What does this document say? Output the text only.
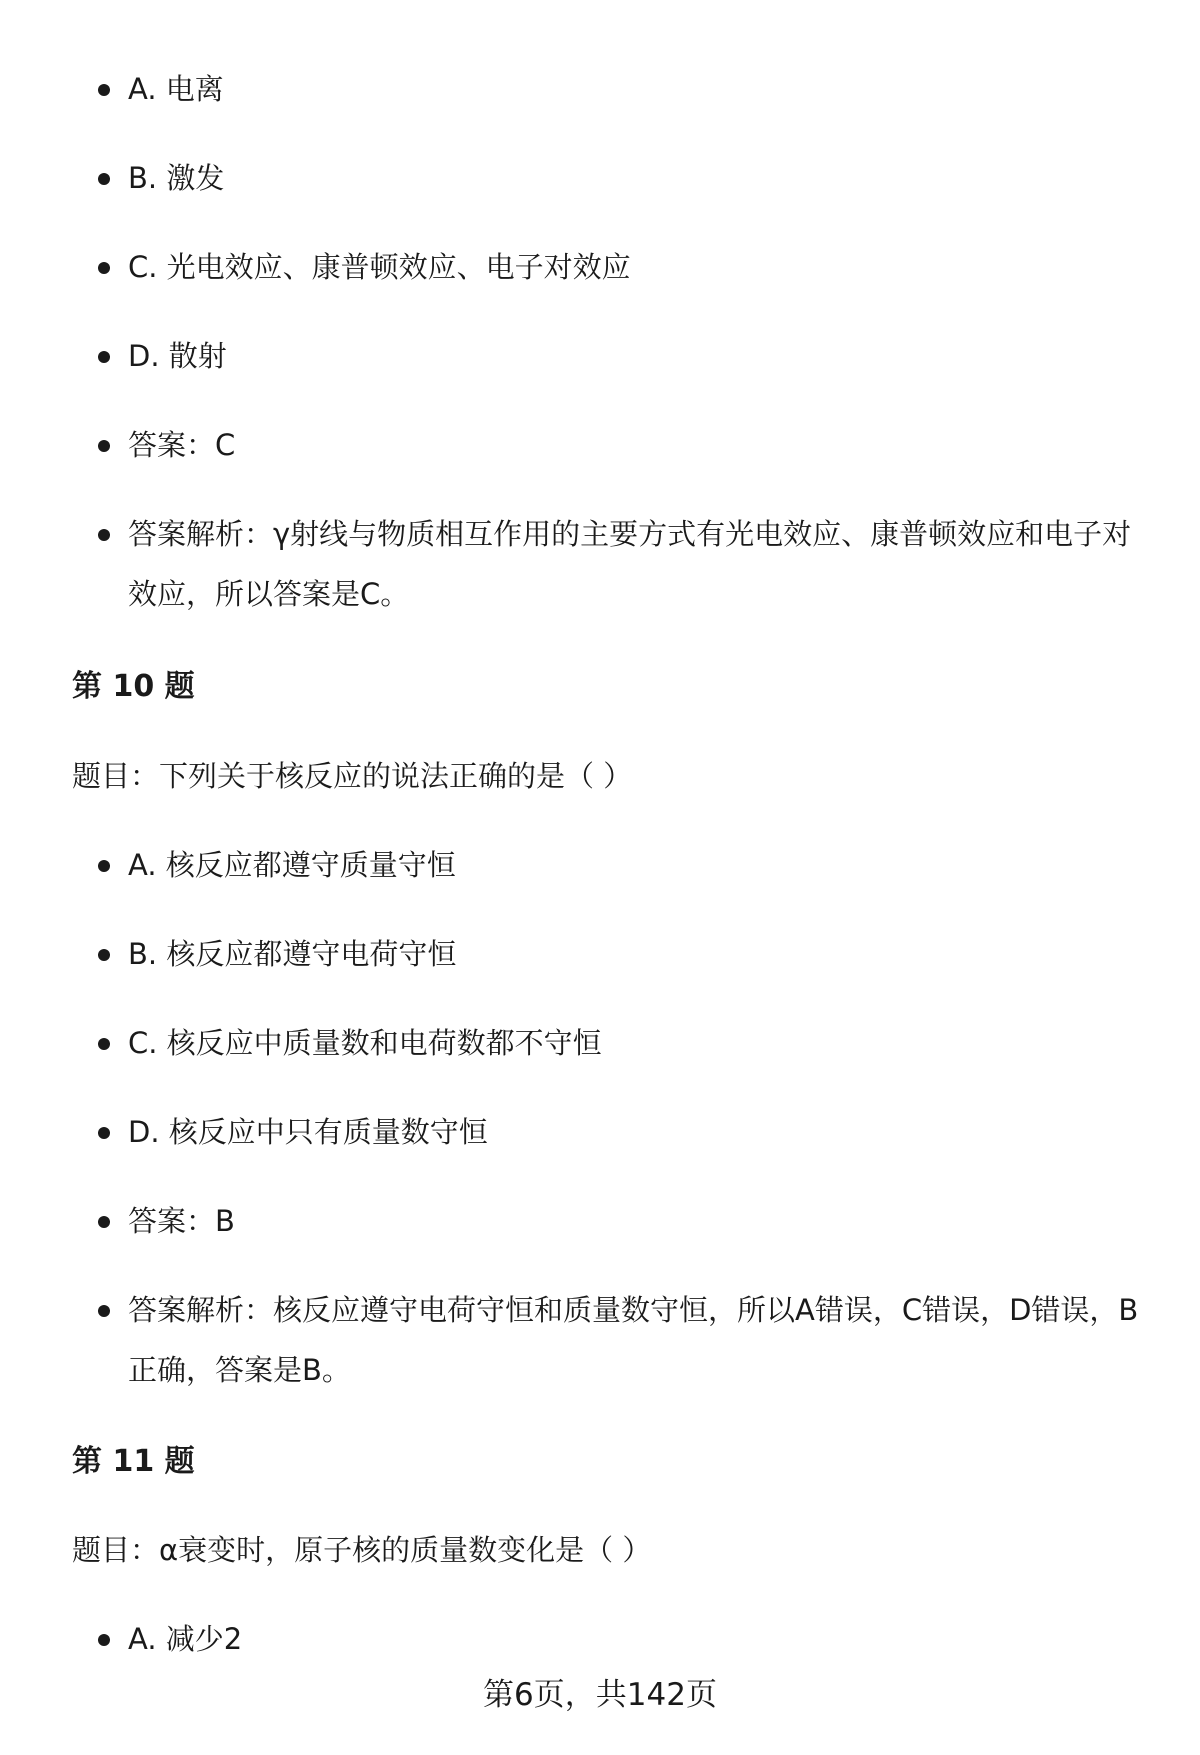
A. 电离
B. 激发
C. 光电效应、康普顿效应、电子对效应
D. 散射
答案：C
答案解析：γ射线与物质相互作用的主要方式有光电效应、康普顿效应和电子对效应，所以答案是C。
第 10 题

题目：下列关于核反应的说法正确的是（ ）

A. 核反应都遵守质量守恒
B. 核反应都遵守电荷守恒
C. 核反应中质量数和电荷数都不守恒
D. 核反应中只有质量数守恒
答案：B
答案解析：核反应遵守电荷守恒和质量数守恒，所以A错误，C错误，D错误，B正确，答案是B。
第 11 题

题目：α衰变时，原子核的质量数变化是（ ）

A. 减少2
第6页，共142页
